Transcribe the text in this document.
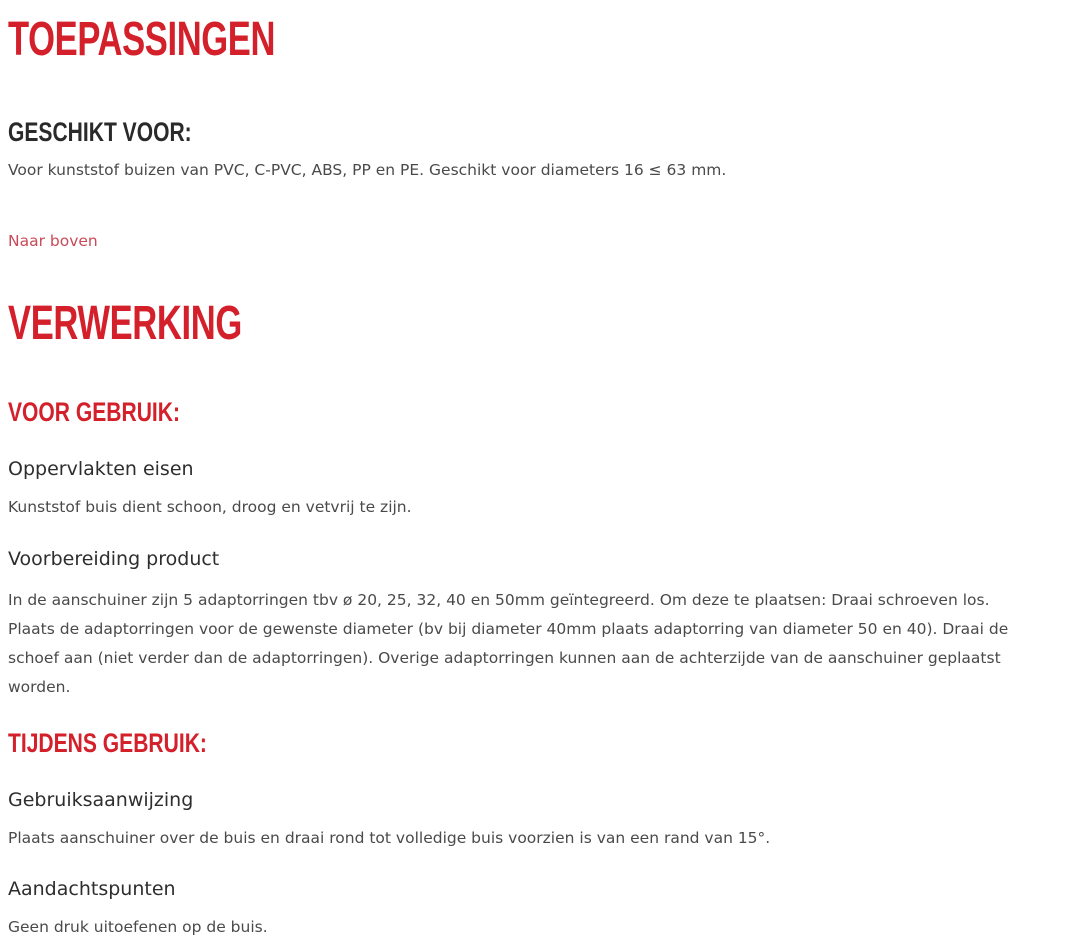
TOEPASSINGEN
GESCHIKT VOOR:

Voor kunststof buizen van PVC, C-PVC, ABS, PP en PE. Geschikt voor diameters 16 ≤ 63 mm.

Naar boven
VERWERKING
VOOR GEBRUIK:
Oppervlakten eisen

Kunststof buis dient schoon, droog en vetvrij te zijn.

Voorbereiding product
In de aanschuiner zijn 5 adaptorringen tbv ø 20, 25, 32, 40 en 50mm geïntegreerd. Om deze te plaatsen: Draai schroeven los.
Plaats de adaptorringen voor de gewenste diameter (bv bij diameter 40mm plaats adaptorring van diameter 50 en 40). Draai de
schoef aan (niet verder dan de adaptorringen). Overige adaptorringen kunnen aan de achterzijde van de aanschuiner geplaatst
worden.
TIJDENS GEBRUIK:
Gebruiksaanwijzing

Plaats aanschuiner over de buis en draai rond tot volledige buis voorzien is van een rand van 15°.

Aandachtspunten

Geen druk uitoefenen op de buis.
